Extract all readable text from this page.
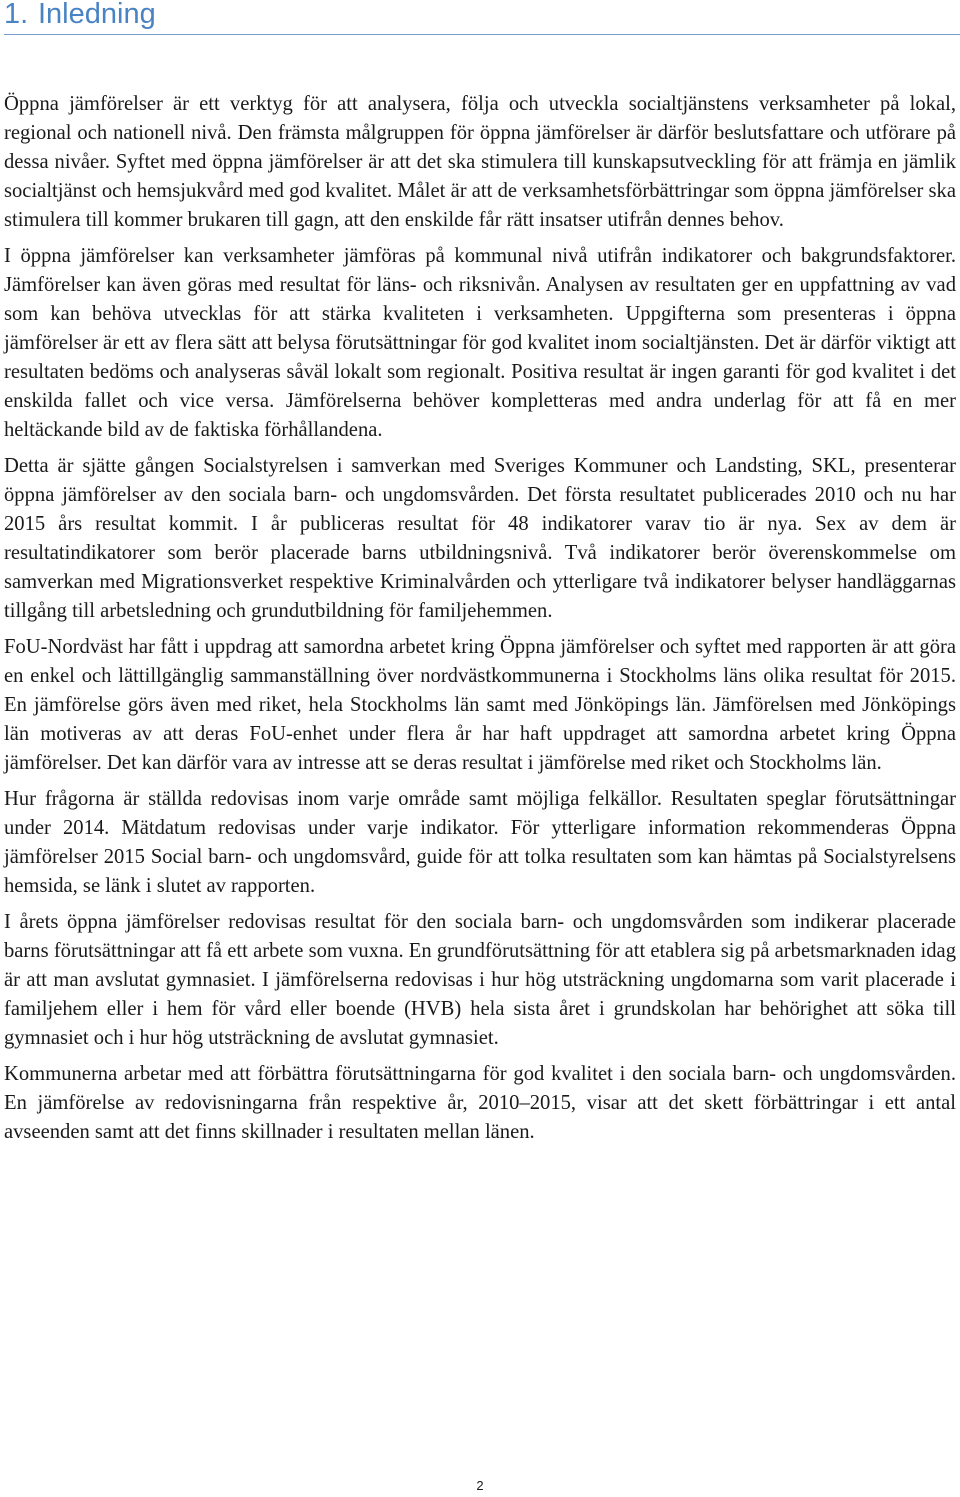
1. Inledning

Öppna jämförelser är ett verktyg för att analysera, följa och utveckla socialtjänstens verksamheter på lokal, regional och nationell nivå. Den främsta målgruppen för öppna jämförelser är därför beslutsfattare och utförare på dessa nivåer. Syftet med öppna jämförelser är att det ska stimulera till kunskapsutveckling för att främja en jämlik socialtjänst och hemsjukvård med god kvalitet. Målet är att de verksamhetsförbättringar som öppna jämförelser ska stimulera till kommer brukaren till gagn, att den enskilde får rätt insatser utifrån dennes behov.

I öppna jämförelser kan verksamheter jämföras på kommunal nivå utifrån indikatorer och bakgrundsfaktorer. Jämförelser kan även göras med resultat för läns- och riksnivån. Analysen av resultaten ger en uppfattning av vad som kan behöva utvecklas för att stärka kvaliteten i verksamheten. Uppgifterna som presenteras i öppna jämförelser är ett av flera sätt att belysa förutsättningar för god kvalitet inom socialtjänsten. Det är därför viktigt att resultaten bedöms och analyseras såväl lokalt som regionalt. Positiva resultat är ingen garanti för god kvalitet i det enskilda fallet och vice versa. Jämförelserna behöver kompletteras med andra underlag för att få en mer heltäckande bild av de faktiska förhållandena.

Detta är sjätte gången Socialstyrelsen i samverkan med Sveriges Kommuner och Landsting, SKL, presenterar öppna jämförelser av den sociala barn- och ungdomsvården. Det första resultatet publicerades 2010 och nu har 2015 års resultat kommit. I år publiceras resultat för 48 indikatorer varav tio är nya. Sex av dem är resultatindikatorer som berör placerade barns utbildningsnivå. Två indikatorer berör överenskommelse om samverkan med Migrationsverket respektive Kriminalvården och ytterligare två indikatorer belyser handläggarnas tillgång till arbetsledning och grundutbildning för familjehemmen.

FoU-Nordväst har fått i uppdrag att samordna arbetet kring Öppna jämförelser och syftet med rapporten är att göra en enkel och lättillgänglig sammanställning över nordvästkommunerna i Stockholms läns olika resultat för 2015. En jämförelse görs även med riket, hela Stockholms län samt med Jönköpings län. Jämförelsen med Jönköpings län motiveras av att deras FoU-enhet under flera år har haft uppdraget att samordna arbetet kring Öppna jämförelser. Det kan därför vara av intresse att se deras resultat i jämförelse med riket och Stockholms län.

Hur frågorna är ställda redovisas inom varje område samt möjliga felkällor. Resultaten speglar förutsättningar under 2014. Mätdatum redovisas under varje indikator. För ytterligare information rekommenderas Öppna jämförelser 2015 Social barn- och ungdomsvård, guide för att tolka resultaten som kan hämtas på Socialstyrelsens hemsida, se länk i slutet av rapporten.

I årets öppna jämförelser redovisas resultat för den sociala barn- och ungdomsvården som indikerar placerade barns förutsättningar att få ett arbete som vuxna. En grundförutsättning för att etablera sig på arbetsmarknaden idag är att man avslutat gymnasiet. I jämförelserna redovisas i hur hög utsträckning ungdomarna som varit placerade i familjehem eller i hem för vård eller boende (HVB) hela sista året i grundskolan har behörighet att söka till gymnasiet och i hur hög utsträckning de avslutat gymnasiet.

Kommunerna arbetar med att förbättra förutsättningarna för god kvalitet i den sociala barn- och ungdomsvården. En jämförelse av redovisningarna från respektive år, 2010–2015, visar att det skett förbättringar i ett antal avseenden samt att det finns skillnader i resultaten mellan länen.

2
